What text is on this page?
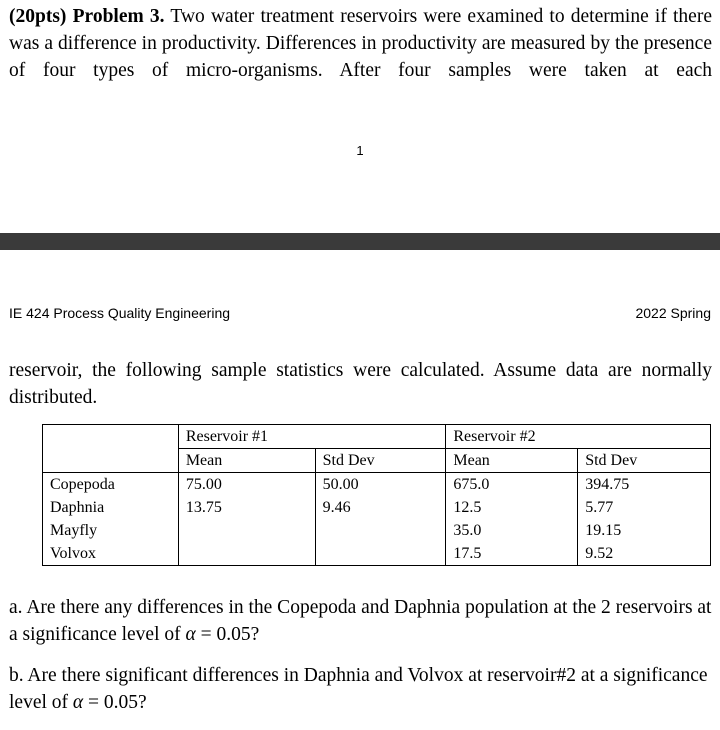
(20pts) Problem 3. Two water treatment reservoirs were examined to determine if there was a difference in productivity. Differences in productivity are measured by the presence of four types of micro-organisms. After four samples were taken at each

1
IE 424 Process Quality Engineering	2022 Spring

reservoir, the following sample statistics were calculated. Assume data are normally distributed.

	Reservoir #1		Reservoir #2	
	Mean	Std Dev	Mean	Std Dev
Copepoda	75.00	50.00	675.0	394.75
Daphnia	13.75	9.46	12.5	5.77
Mayfly			35.0	19.15
Volvox			17.5	9.52

a. Are there any differences in the Copepoda and Daphnia population at the 2 reservoirs at a significance level of α = 0.05?

b. Are there significant differences in Daphnia and Volvox at reservoir#2 at a significance level of α = 0.05?
